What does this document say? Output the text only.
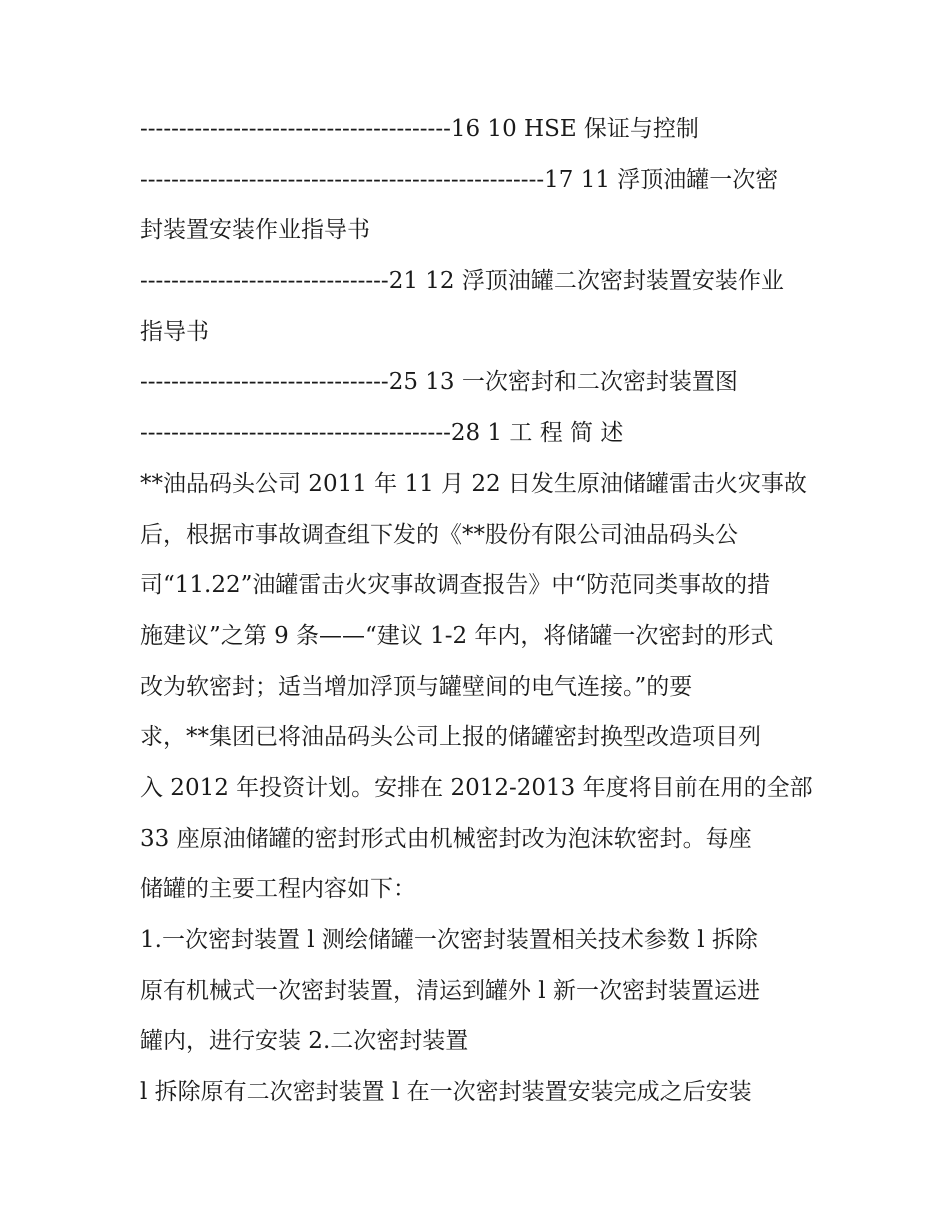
----------------------------------------16 10 HSE 保证与控制
----------------------------------------------------17 11 浮顶油罐一次密
封装置安装作业指导书
--------------------------------21 12 浮顶油罐二次密封装置安装作业
指导书
--------------------------------25 13 一次密封和二次密封装置图
----------------------------------------28 1 工 程 简 述
**油品码头公司 2011 年 11 月 22 日发生原油储罐雷击火灾事故
后，根据市事故调查组下发的《**股份有限公司油品码头公
司“11.22”油罐雷击火灾事故调查报告》中“防范同类事故的措
施建议”之第 9 条——“建议 1-2 年内，将储罐一次密封的形式
改为软密封；适当增加浮顶与罐壁间的电气连接。”的要
求，**集团已将油品码头公司上报的储罐密封换型改造项目列
入 2012 年投资计划。安排在 2012-2013 年度将目前在用的全部
33 座原油储罐的密封形式由机械密封改为泡沫软密封。每座
储罐的主要工程内容如下：
1.一次密封装置 l 测绘储罐一次密封装置相关技术参数 l 拆除
原有机械式一次密封装置，清运到罐外 l 新一次密封装置运进
罐内，进行安装 2.二次密封装置
l 拆除原有二次密封装置 l 在一次密封装置安装完成之后安装
